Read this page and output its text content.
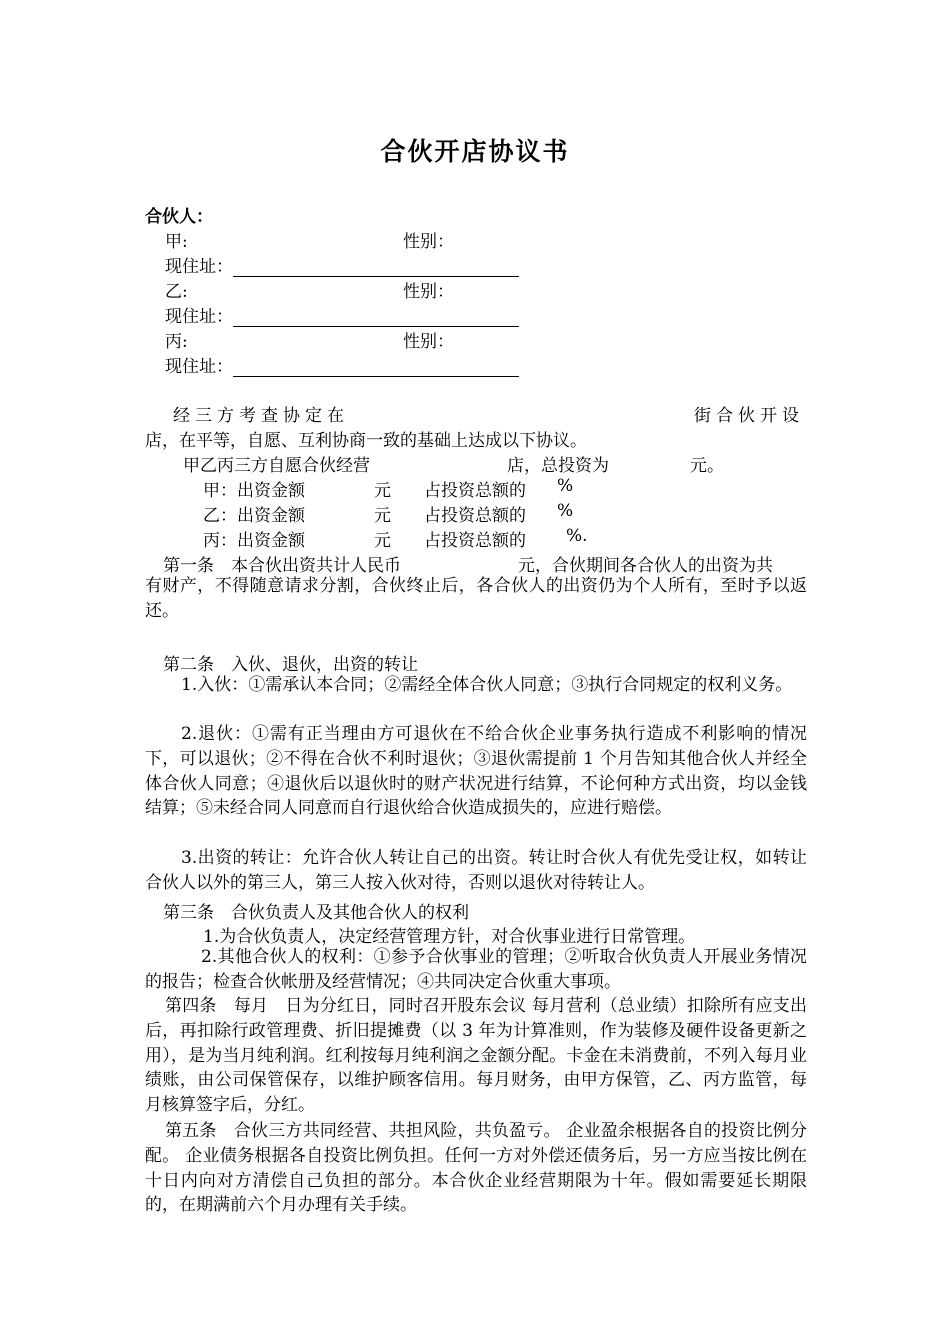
合伙开店协议书
合伙人：
甲:	性别：
现住址：
乙:	性别：
现住址：
丙:	性别：
现住址：
经三方考查协定在	街合伙开设
店，在平等，自愿、互利协商一致的基础上达成以下协议。
甲乙丙三方自愿合伙经营	店，总投资为	元。
甲：出资金额	元 占投资总额的 %
乙：出资金额	元 占投资总额的 %
丙：出资金额	元 占投资总额的 %.
第一条　本合伙出资共计人民币	元，合伙期间各合伙人的出资为共
有财产，不得随意请求分割，合伙终止后，各合伙人的出资仍为个人所有，至时予以返还。
第二条　入伙、退伙，出资的转让
1.入伙：①需承认本合同；②需经全体合伙人同意；③执行合同规定的权利义务。
2.退伙：①需有正当理由方可退伙在不给合伙企业事务执行造成不利影响的情况下，可以退伙；②不得在合伙不利时退伙；③退伙需提前 1 个月告知其他合伙人并经全体合伙人同意；④退伙后以退伙时的财产状况进行结算，不论何种方式出资，均以金钱结算；⑤未经合同人同意而自行退伙给合伙造成损失的，应进行赔偿。
3.出资的转让：允许合伙人转让自己的出资。转让时合伙人有优先受让权，如转让合伙人以外的第三人，第三人按入伙对待，否则以退伙对待转让人。
第三条　合伙负责人及其他合伙人的权利
1.为合伙负责人，决定经营管理方针，对合伙事业进行日常管理。
2.其他合伙人的权利：①参予合伙事业的管理；②听取合伙负责人开展业务情况的报告；检查合伙帐册及经营情况；④共同决定合伙重大事项。
第四条　每月　日为分红日，同时召开股东会议 每月营利（总业绩）扣除所有应支出后，再扣除行政管理费、折旧提摊费（以 3 年为计算准则，作为装修及硬件设备更新之用），是为当月纯利润。红利按每月纯利润之金额分配。卡金在未消费前，不列入每月业绩账，由公司保管保存，以维护顾客信用。每月财务，由甲方保管，乙、丙方监管，每月核算签字后，分红。
第五条　合伙三方共同经营、共担风险，共负盈亏。 企业盈余根据各自的投资比例分配。 企业债务根据各自投资比例负担。任何一方对外偿还债务后，另一方应当按比例在十日内向对方清偿自己负担的部分。本合伙企业经营期限为十年。假如需要延长期限的，在期满前六个月办理有关手续。
